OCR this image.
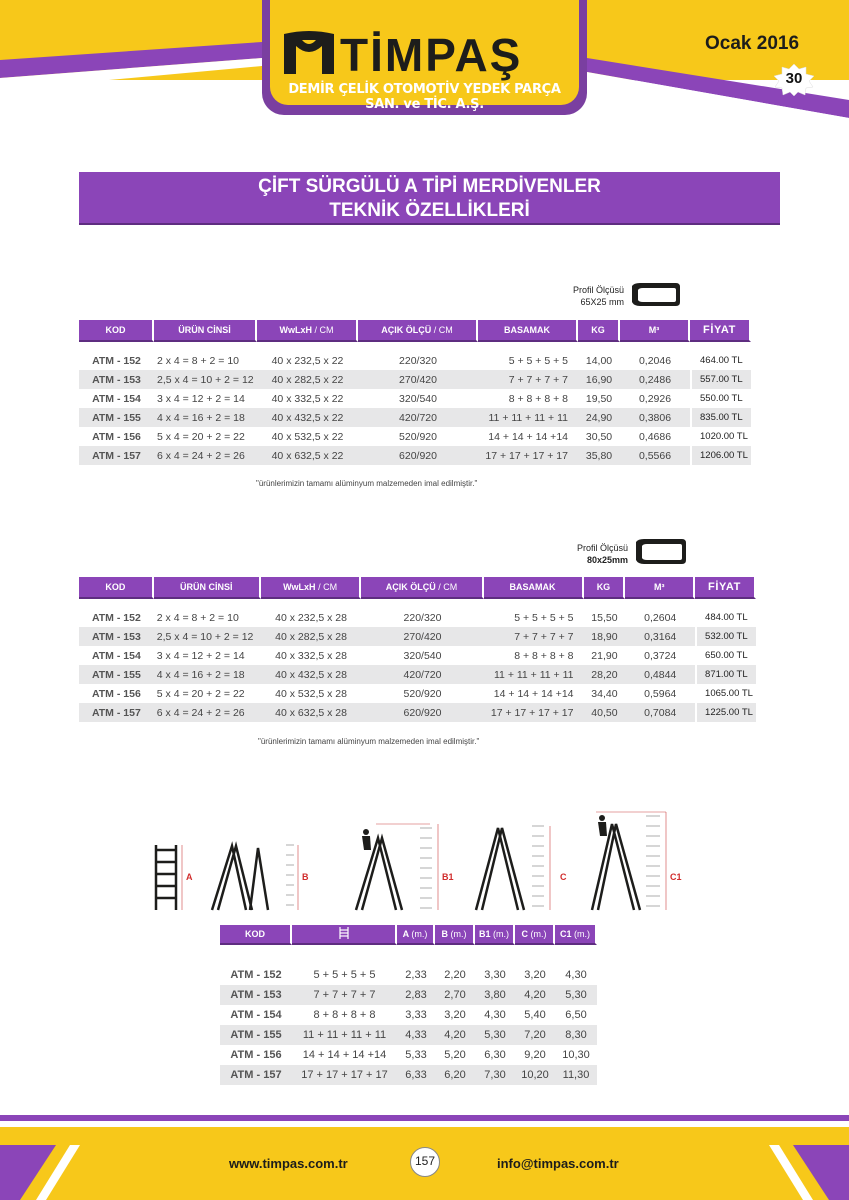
TİMPAŞ
DEMİR ÇELİK OTOMOTİV YEDEK PARÇA SAN. ve TİC. A.Ş.
Ocak 2016
30
ÇİFT SÜRGÜLÜ A TİPİ MERDİVENLER
TEKNİK ÖZELLİKLERİ
Profil Ölçüsü
65X25 mm
KOD	ÜRÜN CİNSİ	WwLxH / CM	AÇIK ÖLÇÜ / CM	BASAMAK	KG	M³	FİYAT

ATM - 152	2 x 4 = 8 + 2 = 10	40 x 232,5 x 22	220/320	5 + 5 + 5 + 5	14,00	0,2046	464.00 TL
ATM - 153	2,5 x 4 = 10 + 2 = 12	40 x 282,5 x 22	270/420	7 + 7 + 7 + 7	16,90	0,2486	557.00 TL
ATM - 154	3 x 4 = 12 + 2 = 14	40 x 332,5 x 22	320/540	8 + 8 + 8 + 8	19,50	0,2926	550.00 TL
ATM - 155	4 x 4 = 16 + 2 = 18	40 x 432,5 x 22	420/720	11 + 11 + 11 + 11	24,90	0,3806	835.00 TL
ATM - 156	5 x 4 = 20 + 2 = 22	40 x 532,5 x 22	520/920	14 + 14 + 14 +14	30,50	0,4686	1020.00 TL
ATM - 157	6 x 4 = 24 + 2 = 26	40 x 632,5 x 22	620/920	17 + 17 + 17 + 17	35,80	0,5566	1206.00 TL
"ürünlerimizin tamamı alüminyum malzemeden imal edilmiştir."
Profil Ölçüsü
80x25mm
KOD	ÜRÜN CİNSİ	WwLxH / CM	AÇIK ÖLÇÜ / CM	BASAMAK	KG	M³	FİYAT

ATM - 152	2 x 4 = 8 + 2 = 10	40 x 232,5 x 28	220/320	5 + 5 + 5 + 5	15,50	0,2604	484.00 TL
ATM - 153	2,5 x 4 = 10 + 2 = 12	40 x 282,5 x 28	270/420	7 + 7 + 7 + 7	18,90	0,3164	532.00 TL
ATM - 154	3 x 4 = 12 + 2 = 14	40 x 332,5 x 28	320/540	8 + 8 + 8 + 8	21,90	0,3724	650.00 TL
ATM - 155	4 x 4 = 16 + 2 = 18	40 x 432,5 x 28	420/720	11 + 11 + 11 + 11	28,20	0,4844	871.00 TL
ATM - 156	5 x 4 = 20 + 2 = 22	40 x 532,5 x 28	520/920	14 + 14 + 14 +14	34,40	0,5964	1065.00 TL
ATM - 157	6 x 4 = 24 + 2 = 26	40 x 632,5 x 28	620/920	17 + 17 + 17 + 17	40,50	0,7084	1225.00 TL
"ürünlerimizin tamamı alüminyum malzemeden imal edilmiştir."
A	B	B1	C	C1
KOD		A (m.)	B (m.)	B1 (m.)	C (m.)	C1 (m.)

ATM - 152	5 + 5 + 5 + 5	2,33	2,20	3,30	3,20	4,30
ATM - 153	7 + 7 + 7 + 7	2,83	2,70	3,80	4,20	5,30
ATM - 154	8 + 8 + 8 + 8	3,33	3,20	4,30	5,40	6,50
ATM - 155	11 + 11 + 11 + 11	4,33	4,20	5,30	7,20	8,30
ATM - 156	14 + 14 + 14 +14	5,33	5,20	6,30	9,20	10,30
ATM - 157	17 + 17 + 17 + 17	6,33	6,20	7,30	10,20	11,30
www.timpas.com.tr	157	info@timpas.com.tr
